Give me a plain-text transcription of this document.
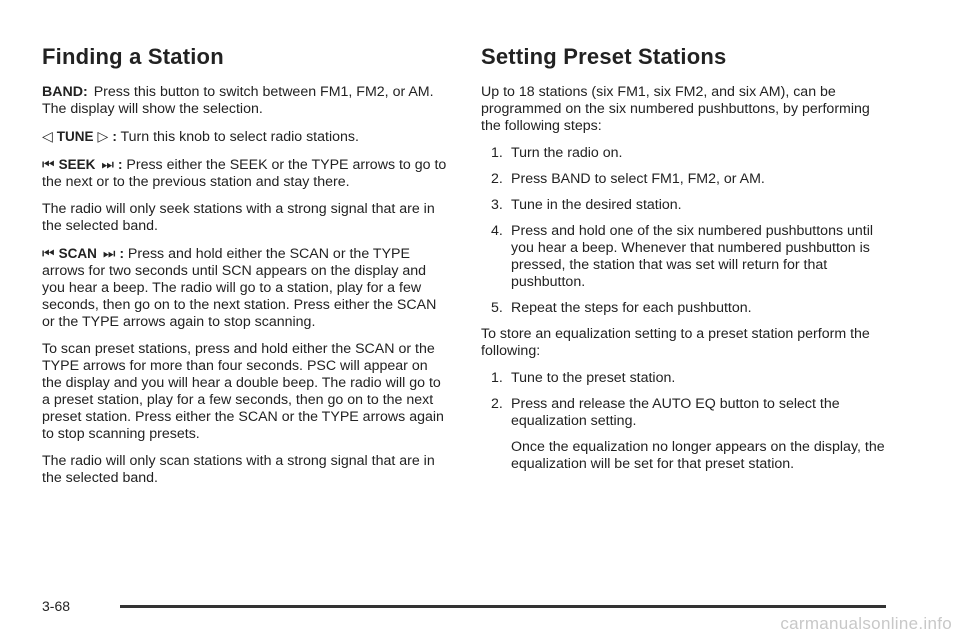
Finding a Station

BAND: Press this button to switch between FM1, FM2, or AM. The display will show the selection.

◁ TUNE ▷ : Turn this knob to select radio stations.

⏮ SEEK ⏭ : Press either the SEEK or the TYPE arrows to go to the next or to the previous station and stay there.

The radio will only seek stations with a strong signal that are in the selected band.

⏮ SCAN ⏭ : Press and hold either the SCAN or the TYPE arrows for two seconds until SCN appears on the display and you hear a beep. The radio will go to a station, play for a few seconds, then go on to the next station. Press either the SCAN or the TYPE arrows again to stop scanning.

To scan preset stations, press and hold either the SCAN or the TYPE arrows for more than four seconds. PSC will appear on the display and you will hear a double beep. The radio will go to a preset station, play for a few seconds, then go on to the next preset station. Press either the SCAN or the TYPE arrows again to stop scanning presets.

The radio will only scan stations with a strong signal that are in the selected band.

Setting Preset Stations

Up to 18 stations (six FM1, six FM2, and six AM), can be programmed on the six numbered pushbuttons, by performing the following steps:

1. Turn the radio on.
2. Press BAND to select FM1, FM2, or AM.
3. Tune in the desired station.
4. Press and hold one of the six numbered pushbuttons until you hear a beep. Whenever that numbered pushbutton is pressed, the station that was set will return for that pushbutton.
5. Repeat the steps for each pushbutton.

To store an equalization setting to a preset station perform the following:

1. Tune to the preset station.
2. Press and release the AUTO EQ button to select the equalization setting.

Once the equalization no longer appears on the display, the equalization will be set for that preset station.

3-68
carmanualsonline.info
